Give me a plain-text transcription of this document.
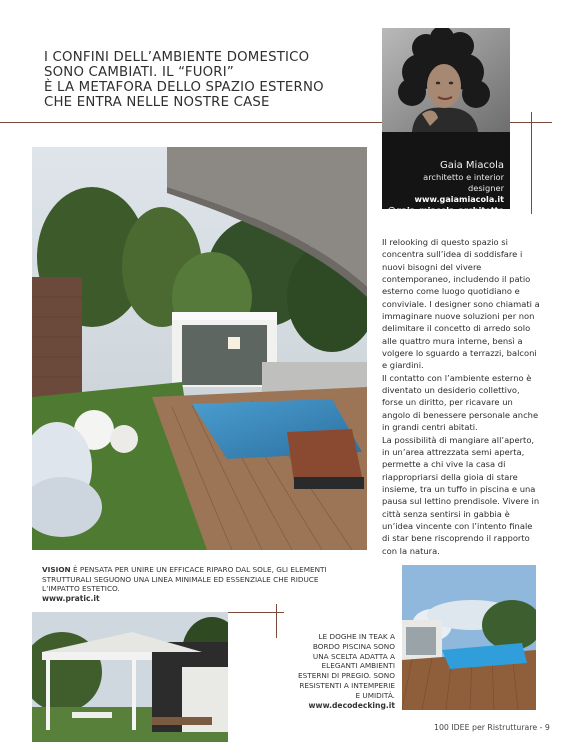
I CONFINI DELL’AMBIENTE DOMESTICO
SONO CAMBIATI. IL “FUORI”
È LA METAFORA DELLO SPAZIO ESTERNO
CHE ENTRA NELLE NOSTRE CASE
Gaia Miacola
architetto e interior designer
www.gaiamiacola.it
@gaia_miacola_architetto

Il relooking di questo spazio si concentra sull’idea di soddisfare i nuovi bisogni del vivere contemporaneo, includendo il patio esterno come luogo quotidiano e conviviale. I designer sono chiamati a immaginare nuove soluzioni per non delimitare il concetto di arredo solo alle quattro mura interne, bensì a volgere lo sguardo a terrazzi, balconi e giardini.

Il contatto con l’ambiente esterno è diventato un desiderio collettivo, forse un diritto, per ricavare un angolo di benessere personale anche in grandi centri abitati.

La possibilità di mangiare all’aperto, in un’area attrezzata semi aperta, permette a chi vive la casa di riappropriarsi della gioia di stare insieme, tra un tuffo in piscina e una pausa sul lettino prendisole. Vivere in città senza sentirsi in gabbia è un’idea vincente con l’intento finale di star bene riscoprendo il rapporto con la natura.

VISION È PENSATA PER UNIRE UN EFFICACE RIPARO DAL SOLE, GLI ELEMENTI STRUTTURALI SEGUONO UNA LINEA MINIMALE ED ESSENZIALE CHE RIDUCE L’IMPATTO ESTETICO.
www.pratic.it
LE DOGHE IN TEAK A BORDO PISCINA SONO UNA SCELTA ADATTA A ELEGANTI AMBIENTI ESTERNI DI PREGIO. SONO RESISTENTI A INTEMPERIE E UMIDITÀ.
www.decodecking.it
100 IDEE per Ristrutturare - 9
